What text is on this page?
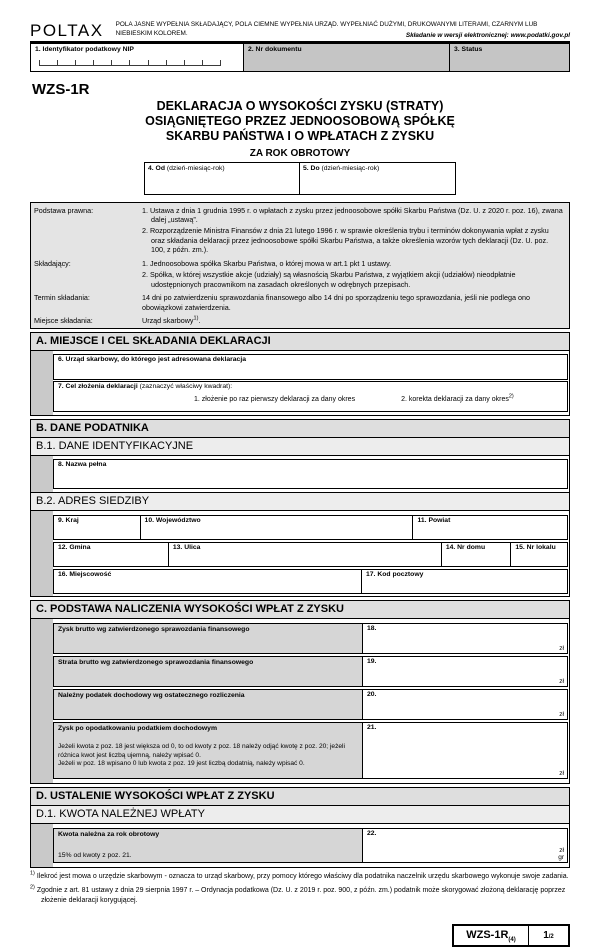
POLTAX POLA JASNE WYPEŁNIA SKŁADAJĄCY, POLA CIEMNE WYPEŁNIA URZĄD. WYPEŁNIAĆ DUŻYMI, DRUKOWANYMI LITERAMI, CZARNYM LUB NIEBIESKIM KOLOREM.	Składanie w wersji elektronicznej: www.podatki.gov.pl
1. Identyfikator podatkowy NIP	2. Nr dokumentu	3. Status
WZS-1R
DEKLARACJA O WYSOKOŚCI ZYSKU (STRATY)
OSIĄGNIĘTEGO PRZEZ JEDNOOSOBOWĄ SPÓŁKĘ
SKARBU PAŃSTWA I O WPŁATACH Z ZYSKU
ZA ROK OBROTOWY
4. Od (dzień-miesiąc-rok)	5. Do (dzień-miesiąc-rok)
Podstawa prawna:	1. Ustawa z dnia 1 grudnia 1995 r. o wpłatach z zysku przez jednoosobowe spółki Skarbu Państwa (Dz. U. z 2020 r. poz. 16), zwana dalej „ustawą”.
2. Rozporządzenie Ministra Finansów z dnia 21 lutego 1996 r. w sprawie określenia trybu i terminów dokonywania wpłat z zysku oraz składania deklaracji przez jednoosobowe spółki Skarbu Państwa, a także określenia wzorów tych deklaracji (Dz. U. poz. 100, z późn. zm.).
Składający:	1. Jednoosobowa spółka Skarbu Państwa, o której mowa w art.1 pkt 1 ustawy.
2. Spółka, w której wszystkie akcje (udziały) są własnością Skarbu Państwa, z wyjątkiem akcji (udziałów) nieodpłatnie udostępnionych pracownikom na zasadach określonych w odrębnych przepisach.
Termin składania:	14 dni po zatwierdzeniu sprawozdania finansowego albo 14 dni po sporządzeniu tego sprawozdania, jeśli nie podlega ono obowiązkowi zatwierdzenia.
Miejsce składania:	Urząd skarbowy$^{1)}$.
A. MIEJSCE I CEL SKŁADANIA DEKLARACJI
6. Urząd skarbowy, do którego jest adresowana deklaracja
7. Cel złożenia deklaracji (zaznaczyć właściwy kwadrat):
1. złożenie po raz pierwszy deklaracji za dany okres	2. korekta deklaracji za dany okres$^{2)}$
B. DANE PODATNIKA
B.1. DANE IDENTYFIKACYJNE
8. Nazwa pełna
B.2. ADRES SIEDZIBY
9. Kraj	10. Województwo	11. Powiat
12. Gmina	13. Ulica	14. Nr domu	15. Nr lokalu
16. Miejscowość	17. Kod pocztowy
C. PODSTAWA NALICZENIA WYSOKOŚCI WPŁAT Z ZYSKU
Zysk brutto wg zatwierdzonego sprawozdania finansowego	18.
zł
Strata brutto wg zatwierdzonego sprawozdania finansowego	19.
zł
Należny podatek dochodowy wg ostatecznego rozliczenia	20.
zł
Zysk po opodatkowaniu podatkiem dochodowym
Jeżeli kwota z poz. 18 jest większa od 0, to od kwoty z poz. 18 należy odjąć kwotę z poz. 20; jeżeli różnica kwot jest liczbą ujemną, należy wpisać 0.
Jeżeli w poz. 18 wpisano 0 lub kwota z poz. 19 jest liczbą dodatnią, należy wpisać 0.
21.
zł
D. USTALENIE WYSOKOŚCI WPŁAT Z ZYSKU
D.1. KWOTA NALEŻNEJ WPŁATY
Kwota należna za rok obrotowy
15% od kwoty z poz. 21.
22.
zł
gr
$^{1)}$ Ilekroć jest mowa o urzędzie skarbowym - oznacza to urząd skarbowy, przy pomocy którego właściwy dla podatnika naczelnik urzędu skarbowego wykonuje swoje zadania.
$^{2)}$ Zgodnie z art. 81 ustawy z dnia 29 sierpnia 1997 r. – Ordynacja podatkowa (Dz. U. z 2019 r. poz. 900, z późn. zm.) podatnik może skorygować złożoną deklarację poprzez złożenie deklaracji korygującej.
WZS-$1R_{(4)}$	1/2
